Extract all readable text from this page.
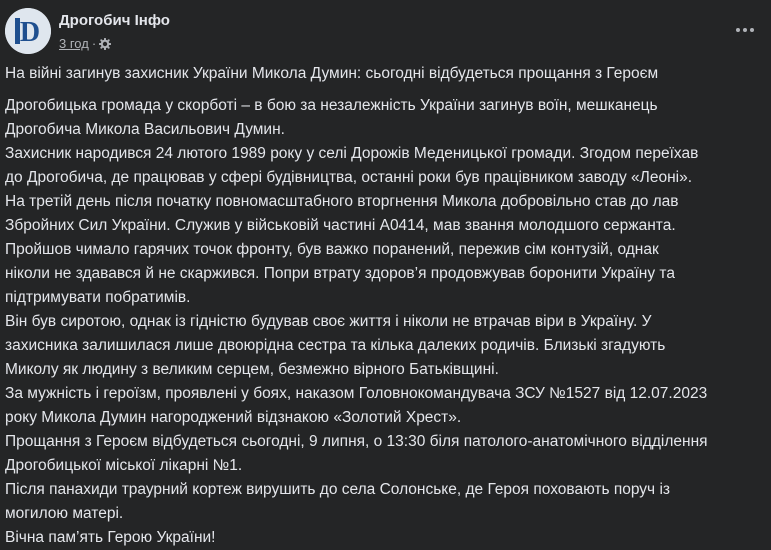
D Дрогобич Інфо
3 год ·

На війні загинув захисник України Микола Думин: сьогодні відбудеться прощання з Героєм

Дрогобицька громада у скорботі – в бою за незалежність України загинув воїн, мешканець

Дрогобича Микола Васильович Думин.

Захисник народився 24 лютого 1989 року у селі Дорожів Меденицької громади. Згодом переїхав

до Дрогобича, де працював у сфері будівництва, останні роки був працівником заводу «Леоні».

На третій день після початку повномасштабного вторгнення Микола добровільно став до лав

Збройних Сил України. Служив у військовій частині А0414, мав звання молодшого сержанта.

Пройшов чимало гарячих точок фронту, був важко поранений, пережив сім контузій, однак

ніколи не здавався й не скаржився. Попри втрату здоров’я продовжував боронити Україну та

підтримувати побратимів.

Він був сиротою, однак із гідністю будував своє життя і ніколи не втрачав віри в Україну. У

захисника залишилася лише двоюрідна сестра та кілька далеких родичів. Близькі згадують

Миколу як людину з великим серцем, безмежно вірного Батьківщині.

За мужність і героїзм, проявлені у боях, наказом Головнокомандувача ЗСУ №1527 від 12.07.2023

року Микола Думин нагороджений відзнакою «Золотий Хрест».

Прощання з Героєм відбудеться сьогодні, 9 липня, о 13:30 біля патолого-анатомічного відділення

Дрогобицької міської лікарні №1.

Після панахиди траурний кортеж вирушить до села Солонське, де Героя поховають поруч із

могилою матері.

Вічна пам’ять Герою України!
